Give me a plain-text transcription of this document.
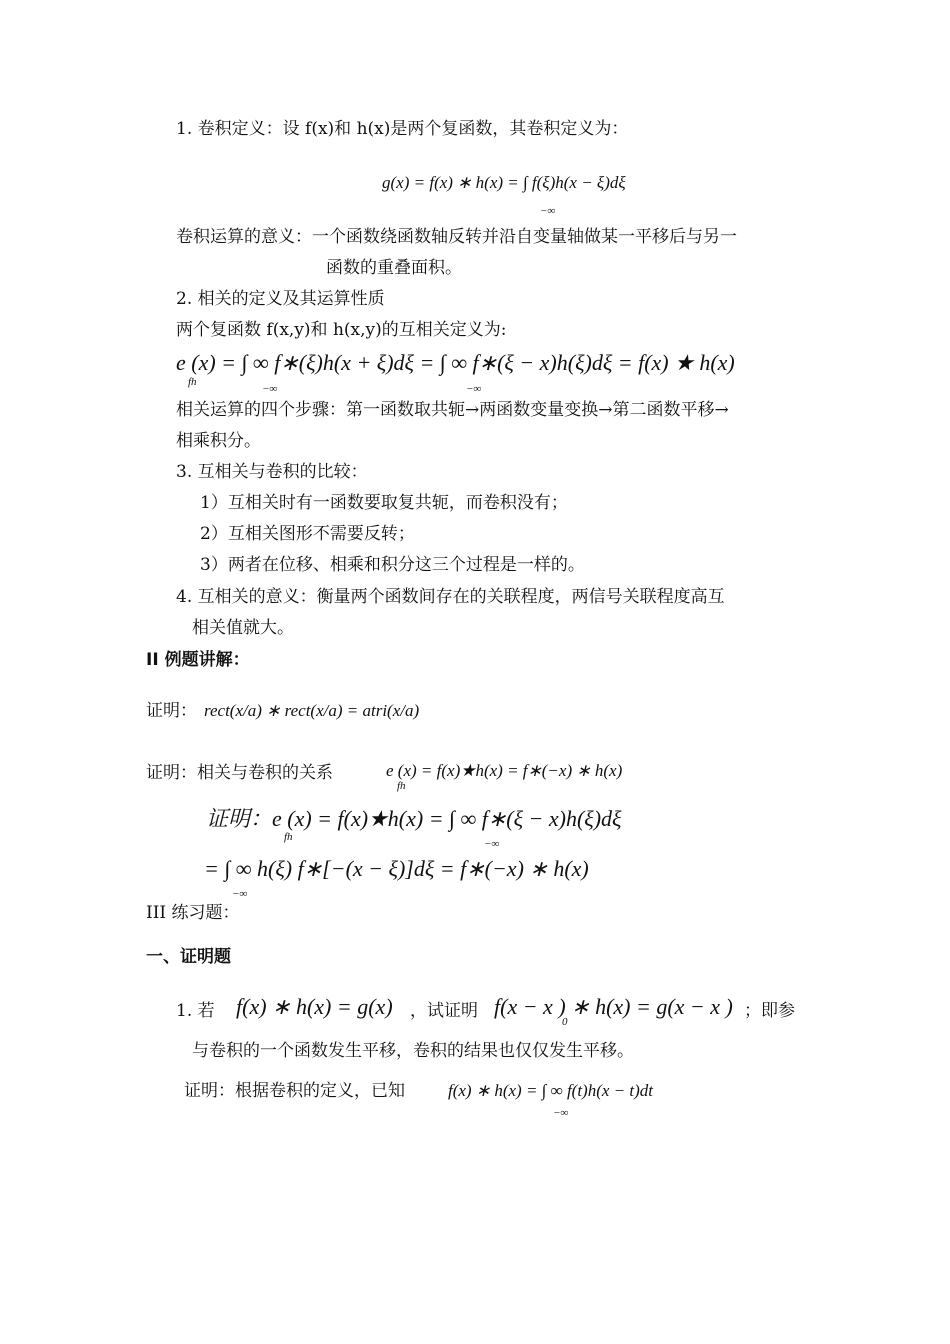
1. 卷积定义：设 f(x)和 h(x)是两个复函数，其卷积定义为：
g(x) = f(x) ∗ h(x) = ∫ f(ξ)h(x − ξ)dξ
−∞
卷积运算的意义：一个函数绕函数轴反转并沿自变量轴做某一平移后与另一
函数的重叠面积。
2. 相关的定义及其运算性质
两个复函数 f(x,y)和 h(x,y)的互相关定义为:
e (x) = ∫ ∞ f∗(ξ)h(x + ξ)dξ = ∫ ∞ f∗(ξ − x)h(ξ)dξ = f(x) ★ h(x)
fh
−∞	−∞
相关运算的四个步骤：第一函数取共轭→两函数变量变换→第二函数平移→
相乘积分。
3. 互相关与卷积的比较：
1）互相关时有一函数要取复共轭，而卷积没有；
2）互相关图形不需要反转；
3）两者在位移、相乘和积分这三个过程是一样的。
4. 互相关的意义：衡量两个函数间存在的关联程度，两信号关联程度高互
相关值就大。
II 例题讲解：
证明： rect(x/a) ∗ rect(x/a) = atri(x/a)
证明：相关与卷积的关系	e (x) = f(x)★h(x) = f∗(−x) ∗ h(x)
fh
证明：e (x) = f(x)★h(x) = ∫ ∞ f∗(ξ − x)h(ξ)dξ
fh
−∞
= ∫ ∞ h(ξ) f∗[−(x − ξ)]dξ = f∗(−x) ∗ h(x)
−∞
III 练习题：
一、证明题
1. 若 f(x) ∗ h(x) = g(x) ，试证明 f(x − x ) ∗ h(x) = g(x − x )
0
；即参
与卷积的一个函数发生平移，卷积的结果也仅仅发生平移。
证明：根据卷积的定义，已知	f(x) ∗ h(x) = ∫ ∞ f(t)h(x − t)dt
−∞
